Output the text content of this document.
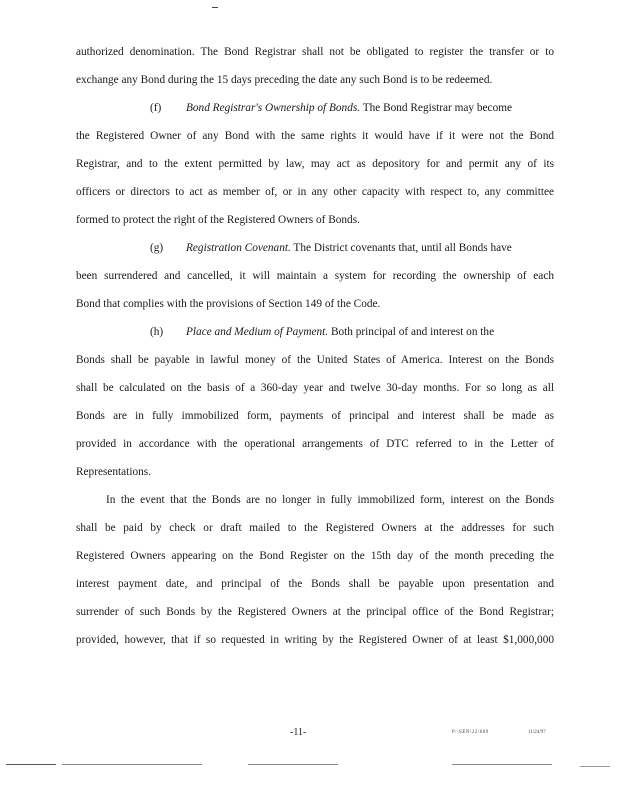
authorized denomination. The Bond Registrar shall not be obligated to register the transfer or to
exchange any Bond during the 15 days preceding the date any such Bond is to be redeemed.
(f) Bond Registrar's Ownership of Bonds. The Bond Registrar may become
the Registered Owner of any Bond with the same rights it would have if it were not the Bond
Registrar, and to the extent permitted by law, may act as depository for and permit any of its
officers or directors to act as member of, or in any other capacity with respect to, any committee
formed to protect the right of the Registered Owners of Bonds.
(g) Registration Covenant. The District covenants that, until all Bonds have
been surrendered and cancelled, it will maintain a system for recording the ownership of each
Bond that complies with the provisions of Section 149 of the Code.
(h) Place and Medium of Payment. Both principal of and interest on the
Bonds shall be payable in lawful money of the United States of America. Interest on the Bonds
shall be calculated on the basis of a 360-day year and twelve 30-day months. For so long as all
Bonds are in fully immobilized form, payments of principal and interest shall be made as
provided in accordance with the operational arrangements of DTC referred to in the Letter of
Representations.
In the event that the Bonds are no longer in fully immobilized form, interest on the Bonds
shall be paid by check or draft mailed to the Registered Owners at the addresses for such
Registered Owners appearing on the Bond Register on the 15th day of the month preceding the
interest payment date, and principal of the Bonds shall be payable upon presentation and
surrender of such Bonds by the Registered Owners at the principal office of the Bond Registrar;
provided, however, that if so requested in writing by the Registered Owner of at least $1,000,000
-11-	P:\SEN\22\009	11/24/97
